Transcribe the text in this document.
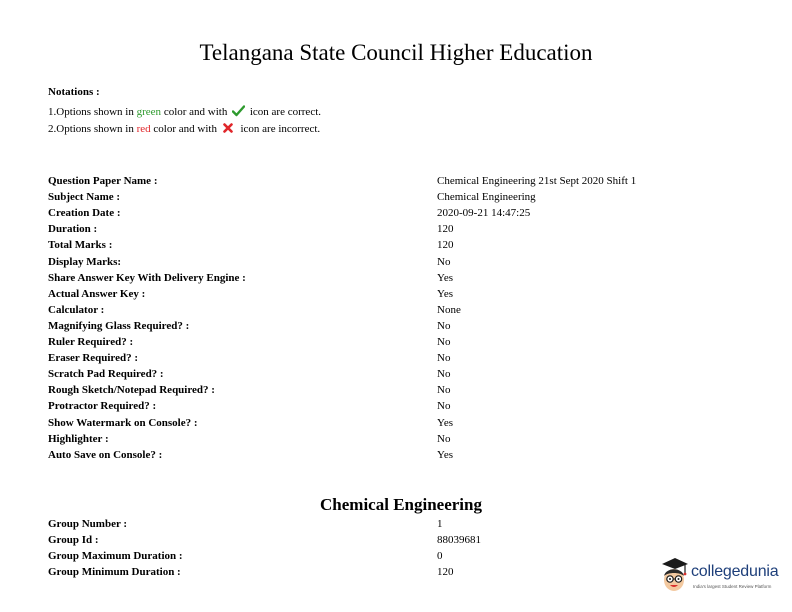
Telangana State Council Higher Education
Notations :
1.Options shown in green color and with  icon are correct.
2.Options shown in red color and with  icon are incorrect.
Question Paper Name :	Chemical Engineering 21st Sept 2020 Shift 1
Subject Name :	Chemical Engineering
Creation Date :	2020-09-21 14:47:25
Duration :	120
Total Marks :	120
Display Marks:	No
Share Answer Key With Delivery Engine :	Yes
Actual Answer Key :	Yes
Calculator :	None
Magnifying Glass Required? :	No
Ruler Required? :	No
Eraser Required? :	No
Scratch Pad Required? :	No
Rough Sketch/Notepad Required? :	No
Protractor Required? :	No
Show Watermark on Console? :	Yes
Highlighter :	No
Auto Save on Console? :	Yes
Chemical Engineering
Group Number :	1
Group Id :	88039681
Group Maximum Duration :	0
Group Minimum Duration :	120	collegedunia
India's largest Student Review Platform
